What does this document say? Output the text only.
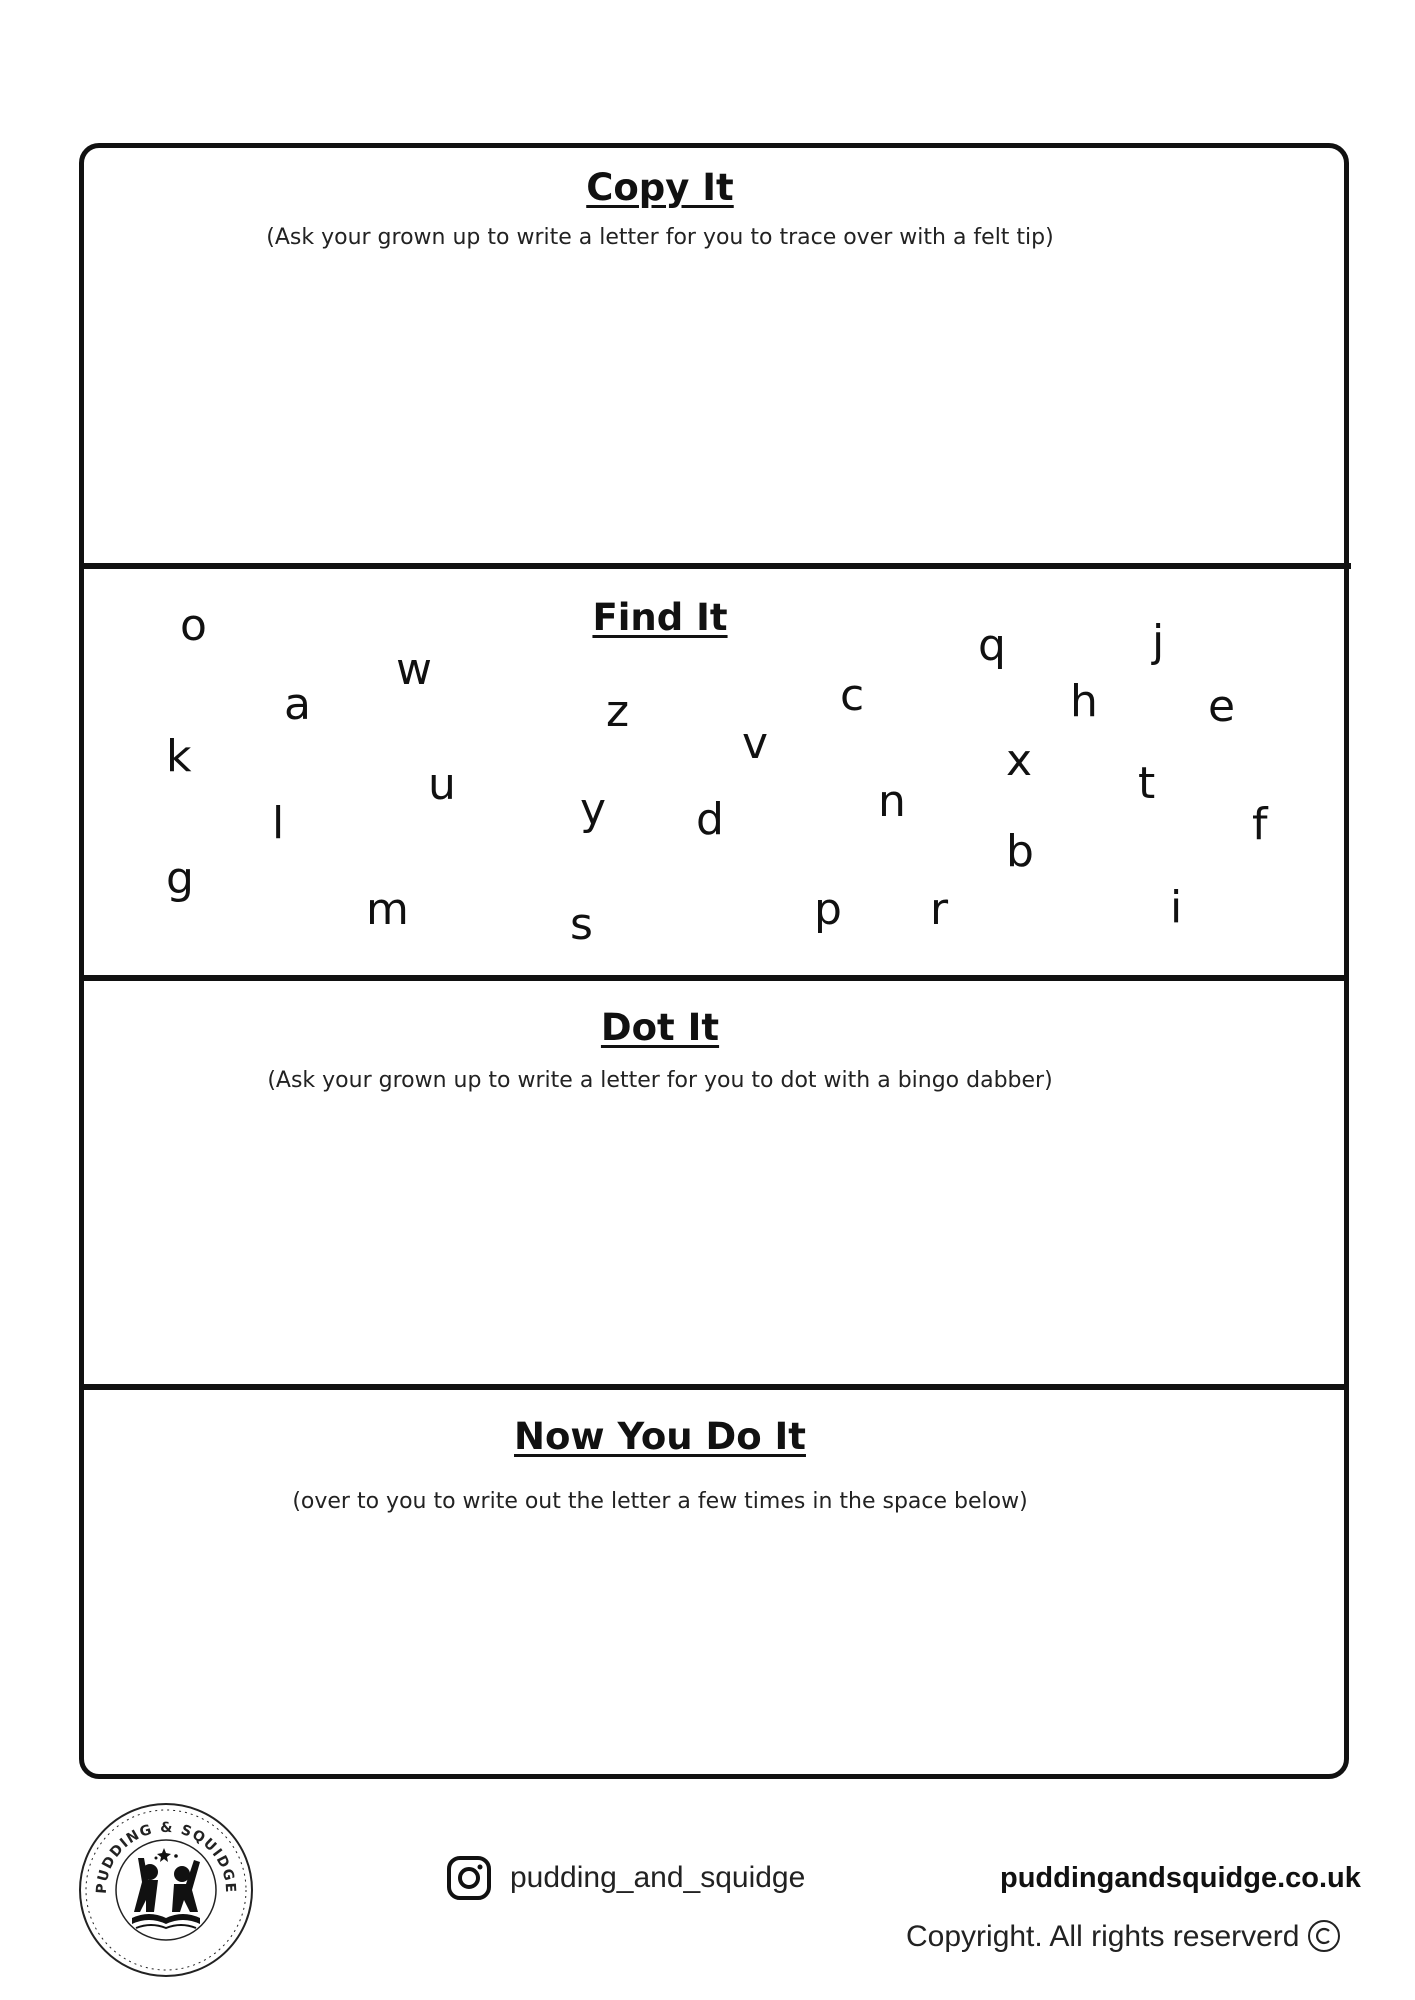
Copy It
(Ask your grown up to write a letter for you to trace over with a felt tip)
Find It
o
w
a
k
l
g
u
m
z
y
s
v
d
c
p
n
r
q
x
b
h
j
t
e
i
f
Dot It
(Ask your grown up to write a letter for you to dot with a bingo dabber)
Now You Do It
(over to you to write out the letter a few times in the space below)
PUDDING & SQUIDGE	pudding_and_squidge	puddingandsquidge.co.uk
Copyright. All rights reserverd
